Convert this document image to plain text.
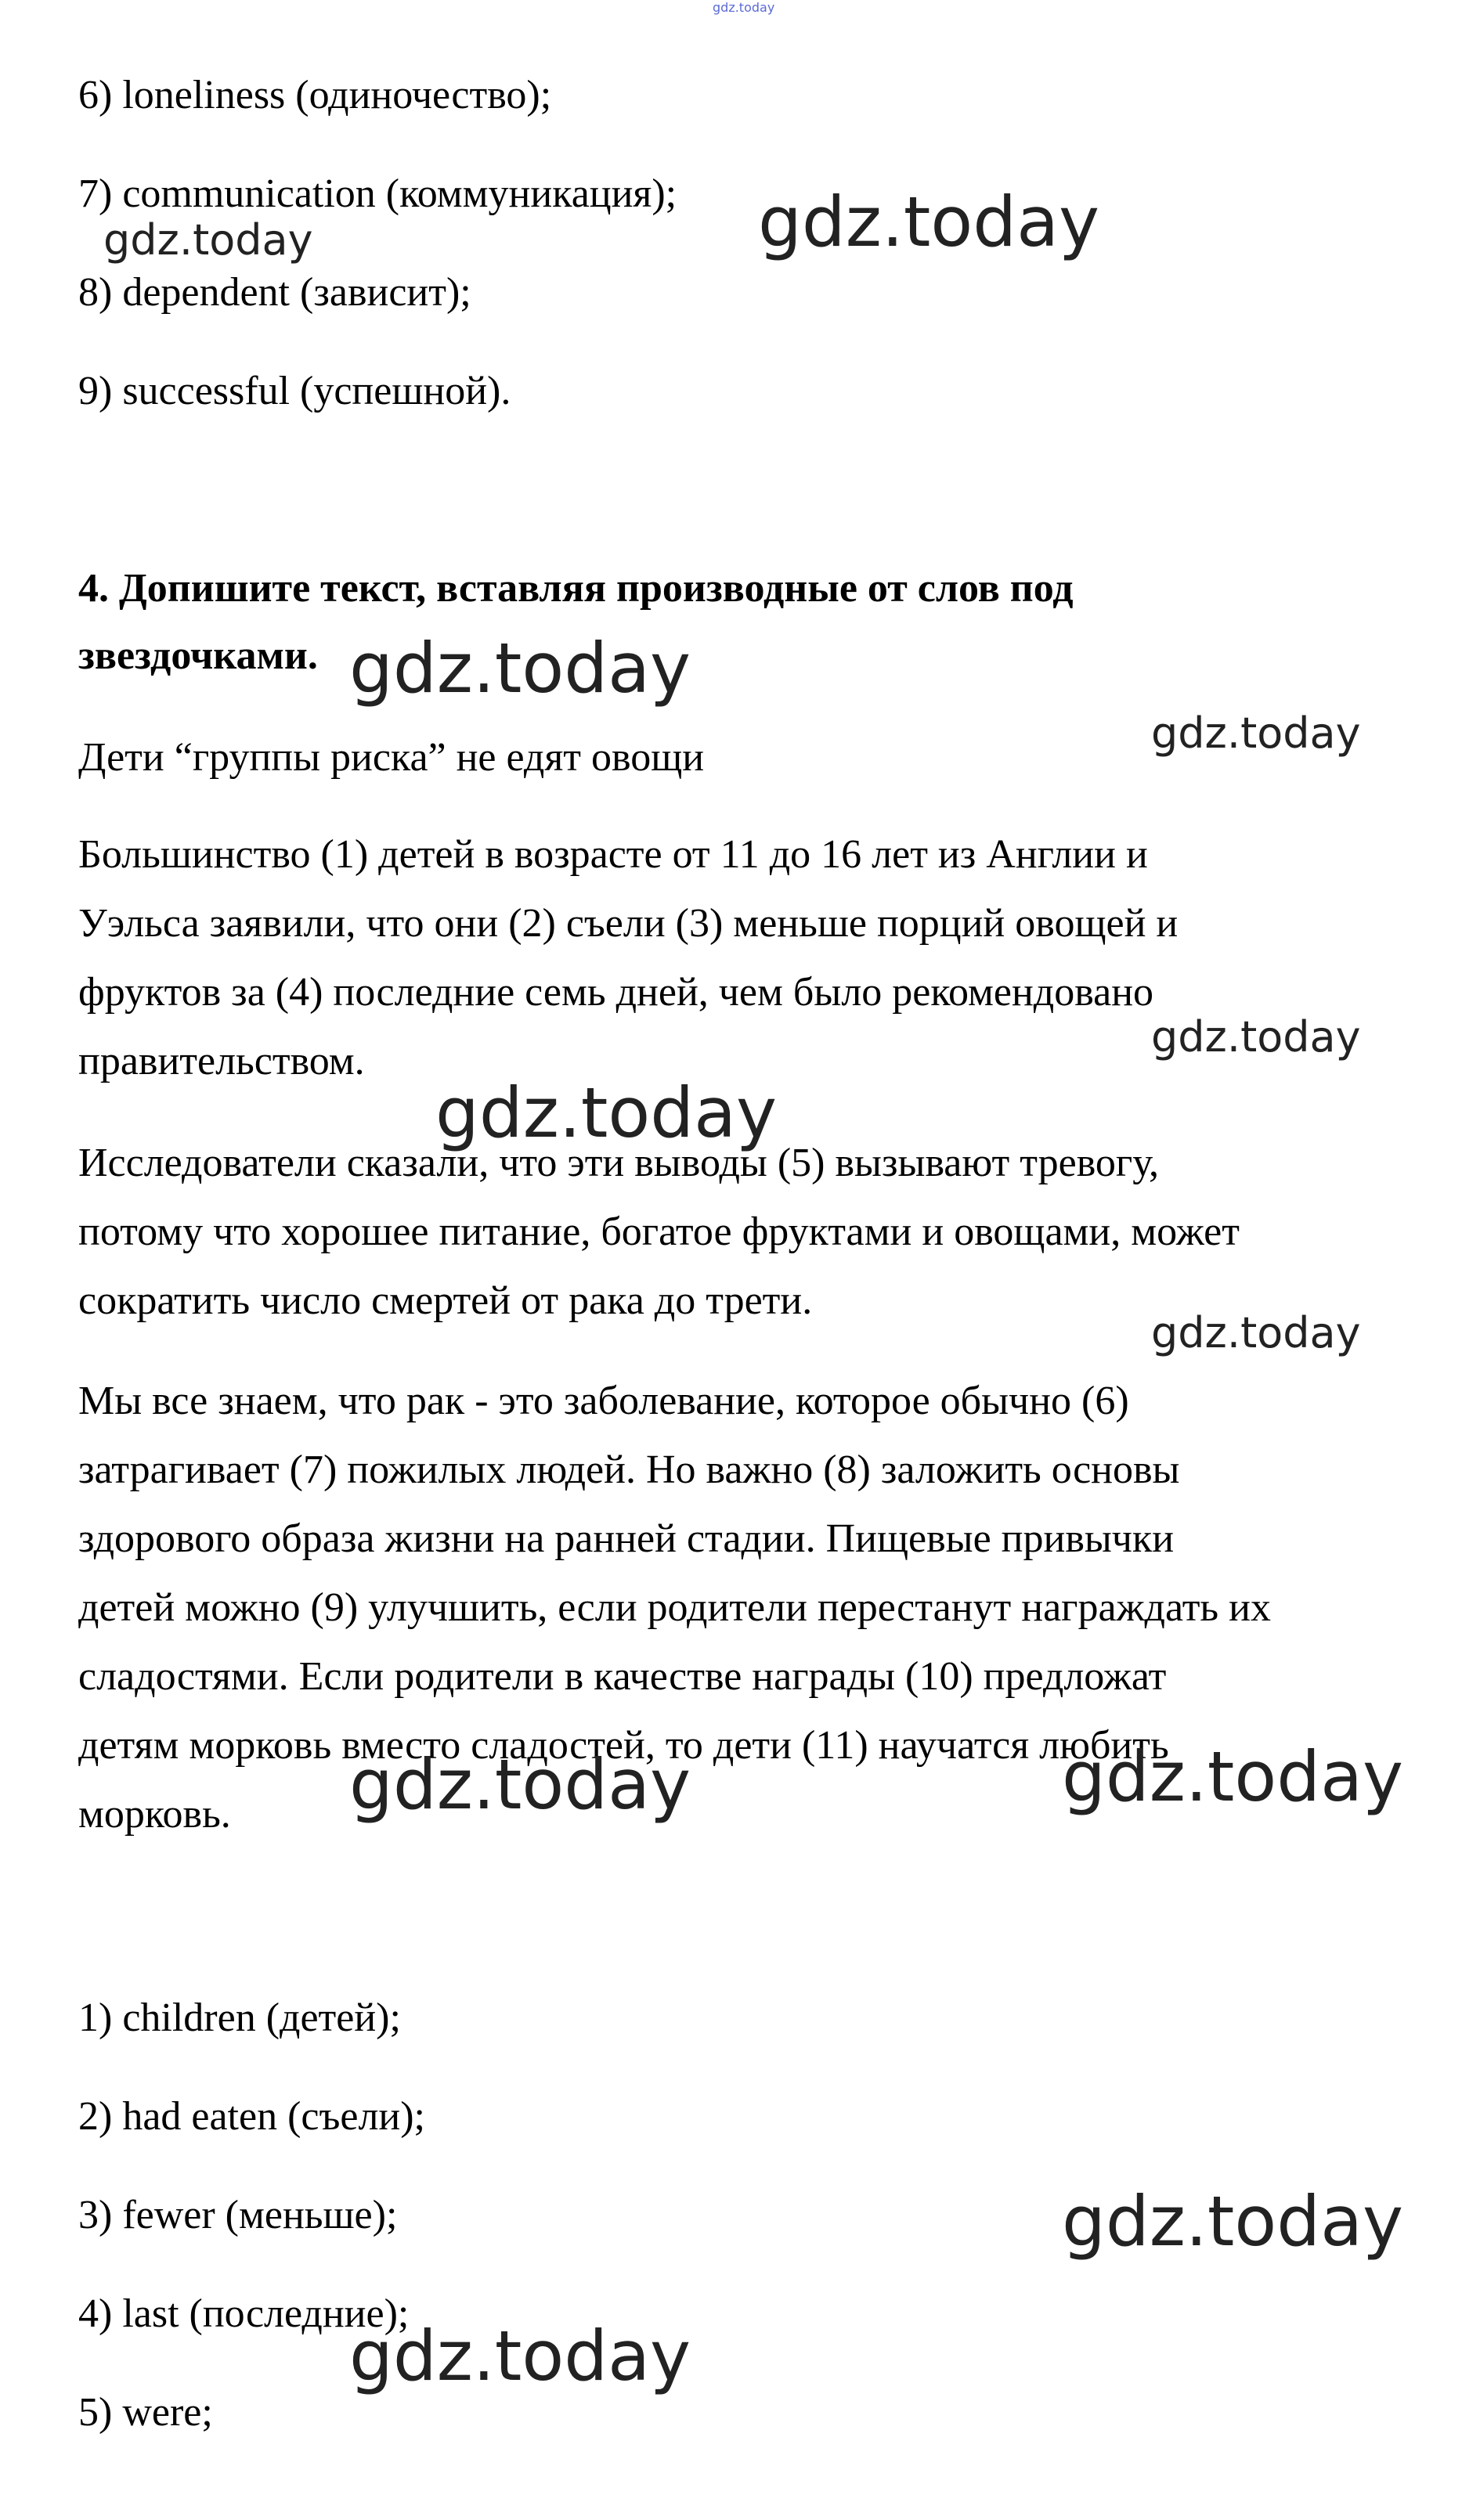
gdz.today
6) loneliness (одиночество);
7) communication (коммуникация);
8) dependent (зависит);
9) successful (успешной).
4. Допишите текст, вставляя производные от слов под
звездочками.
Дети “группы риска” не едят овощи
Большинство (1) детей в возрасте от 11 до 16 лет из Англии и
Уэльса заявили, что они (2) съели (3) меньше порций овощей и
фруктов за (4) последние семь дней, чем было рекомендовано
правительством.
Исследователи сказали, что эти выводы (5) вызывают тревогу,
потому что хорошее питание, богатое фруктами и овощами, может
сократить число смертей от рака до трети.
Мы все знаем, что рак - это заболевание, которое обычно (6)
затрагивает (7) пожилых людей. Но важно (8) заложить основы
здорового образа жизни на ранней стадии. Пищевые привычки
детей можно (9) улучшить, если родители перестанут награждать их
сладостями. Если родители в качестве награды (10) предложат
детям морковь вместо сладостей, то дети (11) научатся любить
морковь.
1) children (детей);
2) had eaten (съели);
3) fewer (меньше);
4) last (последние);
5) were;
gdz.today
gdz.today
gdz.today
gdz.today
gdz.today
gdz.today
gdz.today
gdz.today	gdz.today
gdz.today
gdz.today
